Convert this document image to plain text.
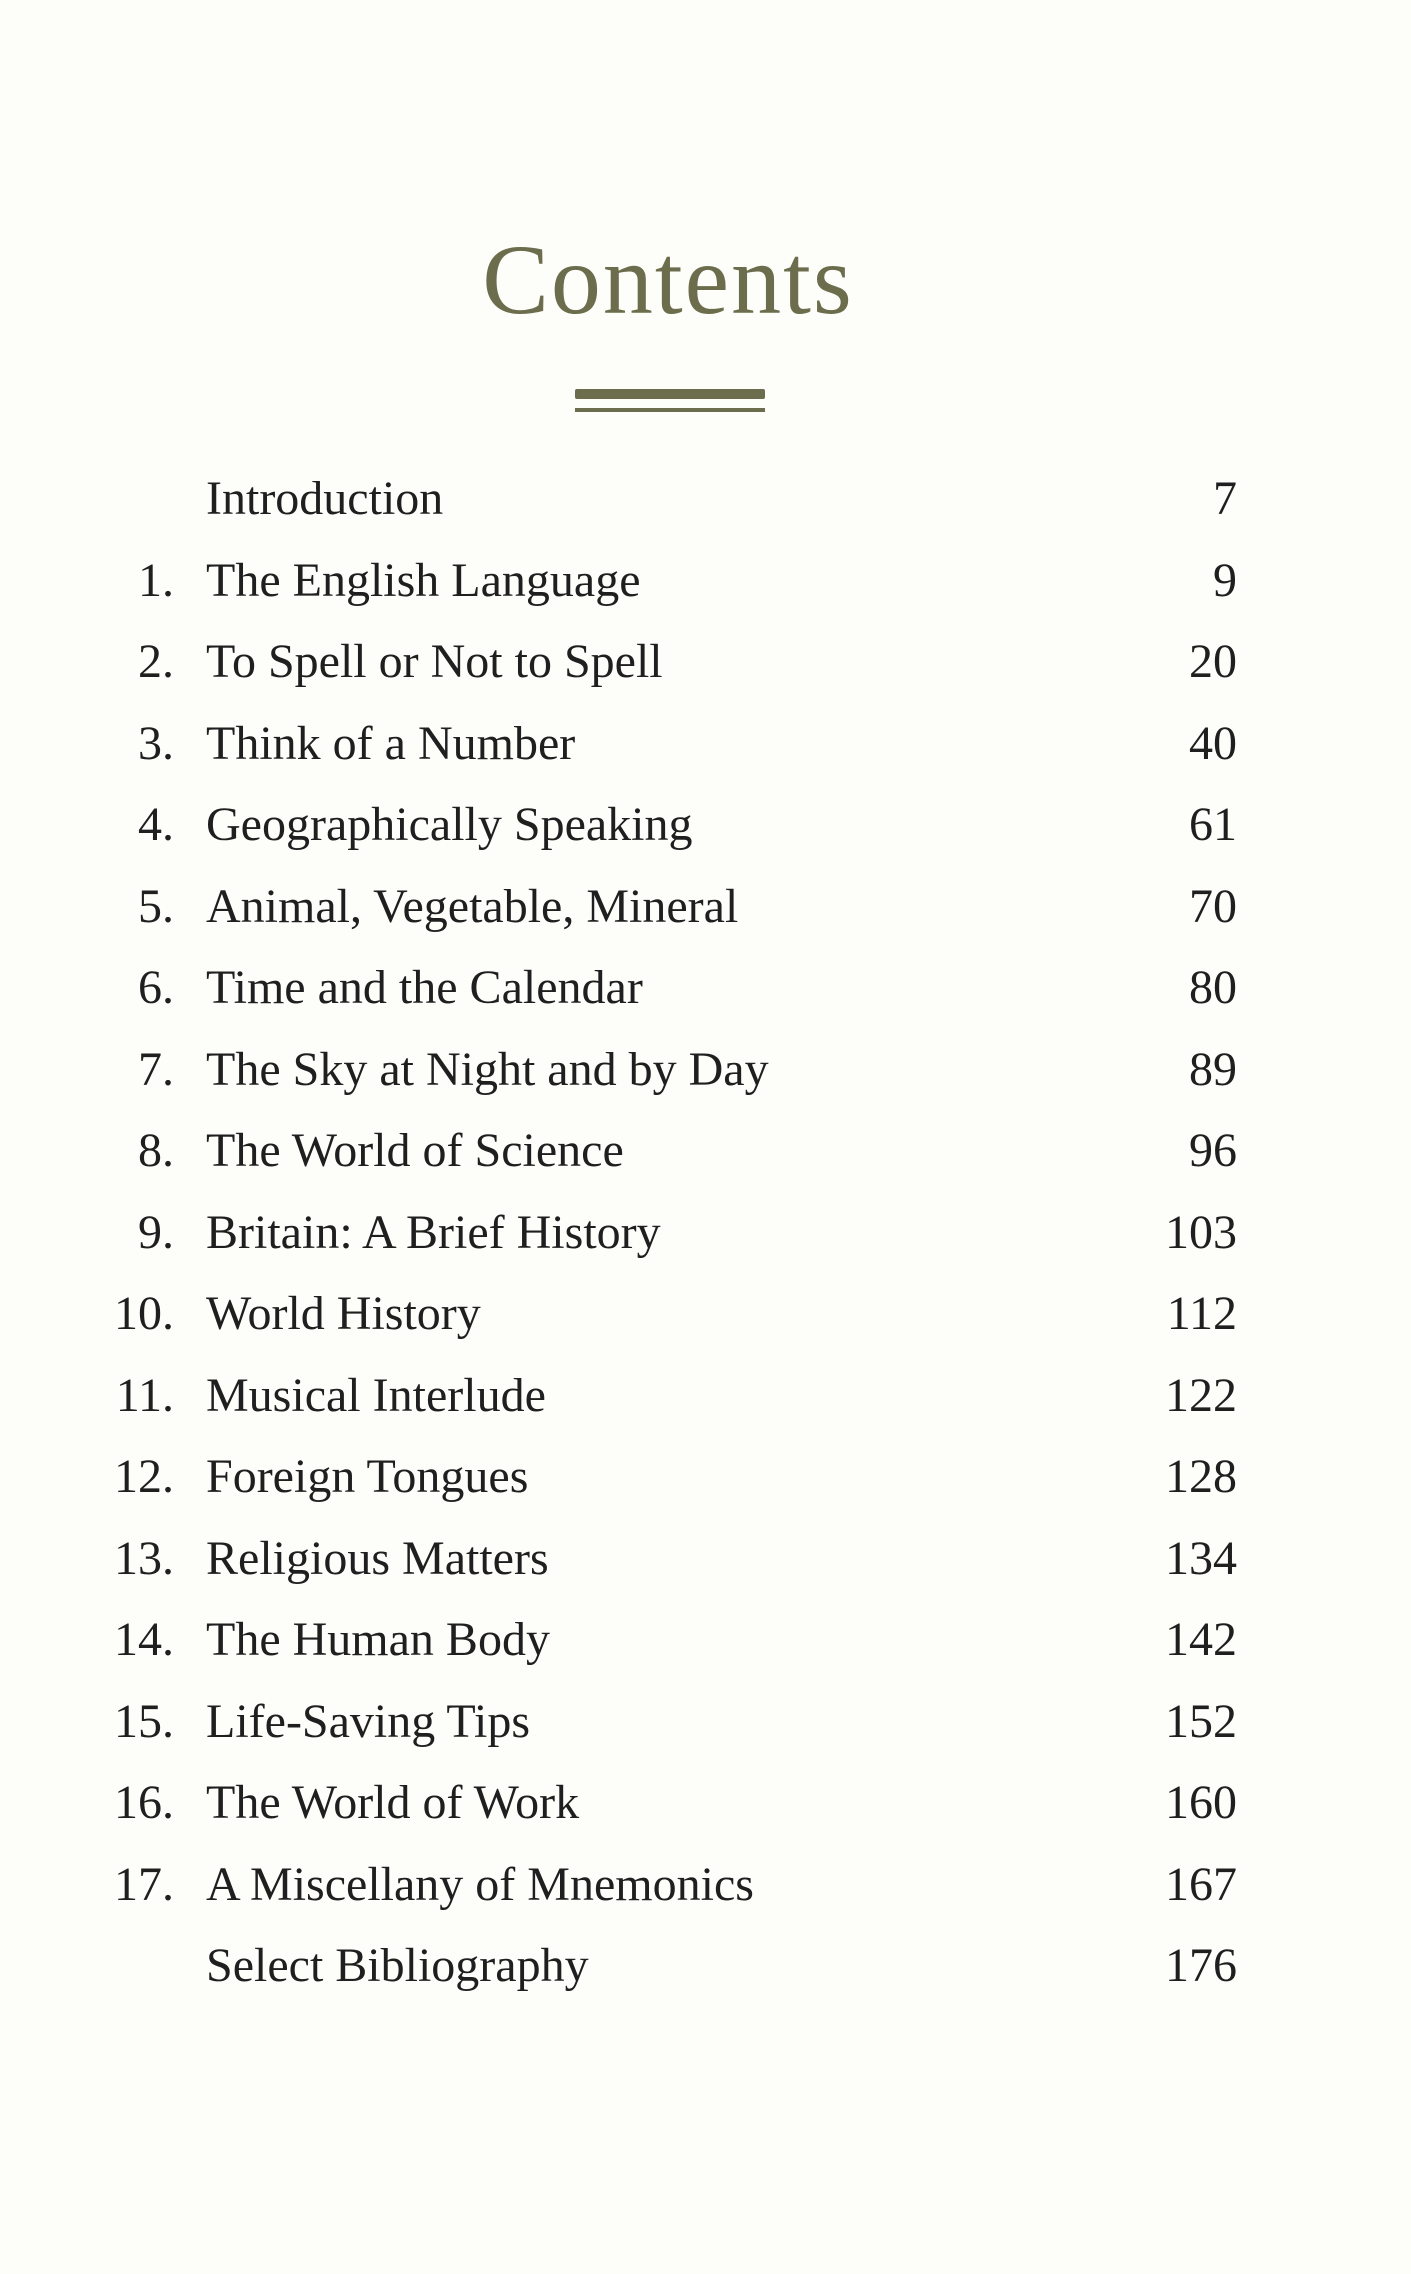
Contents
Introduction	7
1. The English Language	9
2. To Spell or Not to Spell	20
3. Think of a Number	40
4. Geographically Speaking	61
5. Animal, Vegetable, Mineral	70
6. Time and the Calendar	80
7. The Sky at Night and by Day	89
8. The World of Science	96
9. Britain: A Brief History	103
10. World History	112
11. Musical Interlude	122
12. Foreign Tongues	128
13. Religious Matters	134
14. The Human Body	142
15. Life-Saving Tips	152
16. The World of Work	160
17. A Miscellany of Mnemonics	167
Select Bibliography	176
